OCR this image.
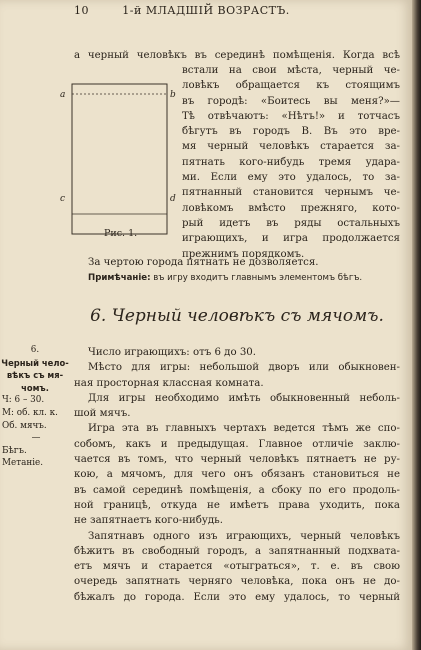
10	1-й МЛАДШІЙ ВОЗРАСТЪ.
a	b
c	d
Рис. 1.
а черный человѣкъ въ серединѣ помѣщенія. Когда всѣ
встали на свои мѣста, черный че-
ловѣкъ обращается къ стоящимъ
въ городѣ: «Боитесь вы меня?»—
Тѣ отвѣчаютъ: «Нѣтъ!» и тотчасъ
бѣгутъ въ городъ В. Въ это вре-
мя черный человѣкъ старается за-
пятнать кого-нибудь тремя удара-
ми. Если ему это удалось, то за-
пятнанный становится чернымъ че-
ловѣкомъ вмѣсто прежняго, кото-
рый идетъ въ ряды остальныхъ
играющихъ, и игра продолжается
прежнимъ порядкомъ.
За чертою города пятнать не дозволяется.
Примѣчаніе: въ игру входитъ главнымъ элементомъ бѣгъ.
6. Черный человѣкъ съ мячомъ.
6.
Черный чело-
вѣкъ съ мя-
чомъ.
Ч: 6 – 30.
М: об. кл. к.
Об. мячъ.
—
Бѣгъ.
Метаніе.
Число играющихъ: отъ 6 до 30.
Мѣсто для игры: небольшой дворъ или обыкновен-
ная просторная классная комната.
Для игры необходимо имѣть обыкновенный неболь-
шой мячъ.
Игра эта въ главныхъ чертахъ ведется тѣмъ же спо-
собомъ, какъ и предыдущая. Главное отличіе заклю-
чается въ томъ, что черный человѣкъ пятнаетъ не ру-
кою, а мячомъ, для чего онъ обязанъ становиться не
въ самой серединѣ помѣщенія, а сбоку по его продоль-
ной границѣ, откуда не имѣетъ права уходить, пока
не запятнаетъ кого-нибудь.
Запятнавъ одного изъ играющихъ, черный человѣкъ
бѣжитъ въ свободный городъ, а запятнанный подхвата-
етъ мячъ и старается «отыграться», т. е. въ свою
очередь запятнать черняго человѣка, пока онъ не до-
бѣжалъ до города. Если это ему удалось, то черный
